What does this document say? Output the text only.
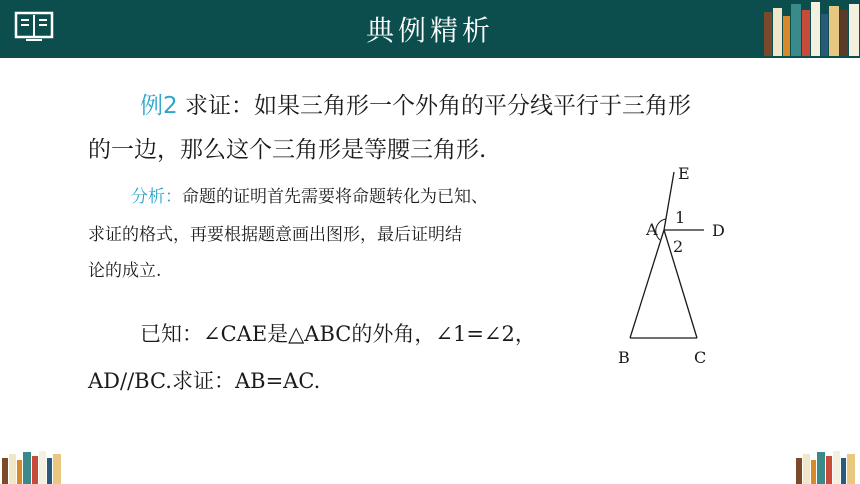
典例精析
例2 求证：如果三角形一个外角的平分线平行于三角形
的一边，那么这个三角形是等腰三角形.
分析：命题的证明首先需要将命题转化为已知、
求证的格式，再要根据题意画出图形，最后证明结
论的成立.
已知：∠CAE是△ABC的外角，∠1=∠2，
AD//BC.求证：AB=AC.
E
A	D
1
2
B	C
